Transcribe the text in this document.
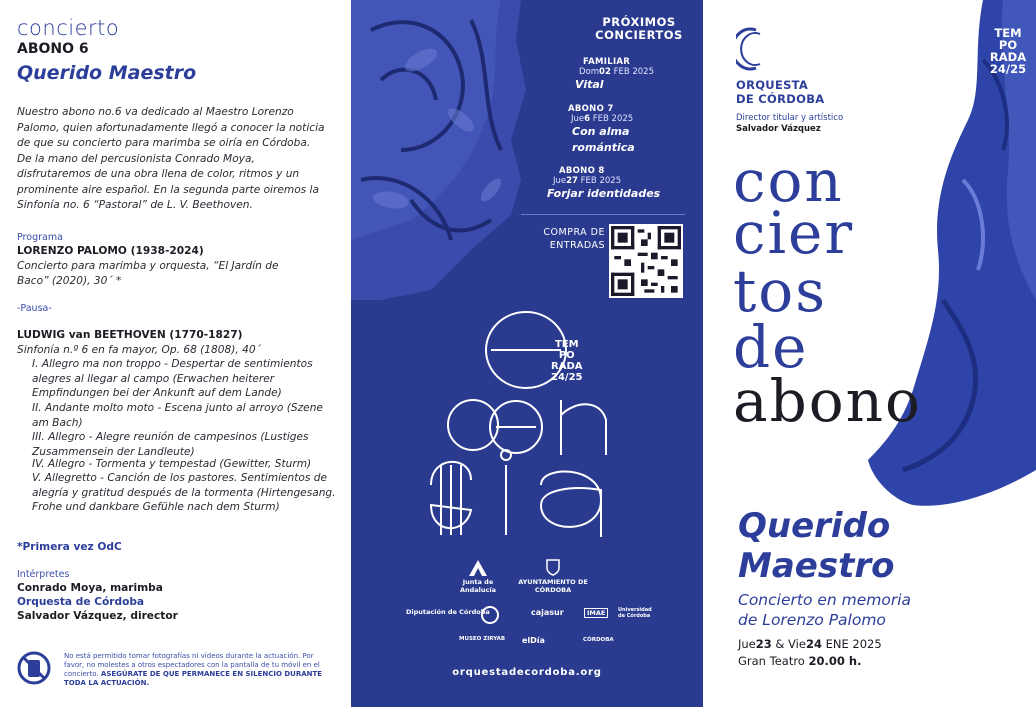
concierto
ABONO 6
Querido Maestro
Nuestro abono no.6 va dedicado al Maestro Lorenzo Palomo, quien afortunadamente llegó a conocer la noticia de que su concierto para marimba se oiría en Córdoba. De la mano del percusionista Conrado Moya, disfrutaremos de una obra llena de color, ritmos y un prominente aire español. En la segunda parte oiremos la Sinfonía no. 6 “Pastoral” de L. V. Beethoven.
Programa
LORENZO PALOMO (1938-2024)
Concierto para marimba y orquesta, “El Jardín de
Baco” (2020), 30´ *
-Pausa-
LUDWIG van BEETHOVEN (1770-1827)
Sinfonía n.º 6 en fa mayor, Op. 68 (1808), 40´
I. Allegro ma non troppo - Despertar de sentimientos alegres al llegar al campo (Erwachen heiterer Empfindungen bei der Ankunft auf dem Lande)
II. Andante molto moto - Escena junto al arroyo (Szene am Bach)
III. Allegro - Alegre reunión de campesinos (Lustiges Zusammensein der Landleute)
IV. Allegro - Tormenta y tempestad (Gewitter, Sturm)
V. Allegretto - Canción de los pastores. Sentimientos de alegría y gratitud después de la tormenta (Hirtengesang. Frohe und dankbare Gefühle nach dem Sturm)
*Primera vez OdC
Intérpretes
Conrado Moya, marimba
Orquesta de Córdoba
Salvador Vázquez, director
No está permitido tomar fotografías ni vídeos durante la actuación. Por favor, no molestes a otros espectadores con la pantalla de tu móvil en el concierto. ASEGÚRATE DE QUE PERMANECE EN SILENCIO DURANTE TODA LA ACTUACIÓN.
PRÓXIMOS
CONCIERTOS
FAMILIAR
Dom02 FEB 2025
Vital
ABONO 7
Jue6 FEB 2025
Con alma romántica
ABONO 8
Jue27 FEB 2025
Forjar identidades
COMPRA DE ENTRADAS
TEM
PO
RADA
24/25
Junta de Andalucía
AYUNTAMIENTO DE CÓRDOBA
Diputación de Córdoba	cajasur	IMAE	Universidad de Córdoba
MUSEO ZIRYAB elDía	CÓRDOBA
orquestadecordoba.org
ORQUESTA
DE CÓRDOBA
Director titular y artístico
Salvador Vázquez
TEM
PO
RADA
24/25
con
cier
tos
de
abono
Querido
Maestro
Concierto en memoria
de Lorenzo Palomo
Jue23 & Vie24 ENE 2025
Gran Teatro 20.00 h.
